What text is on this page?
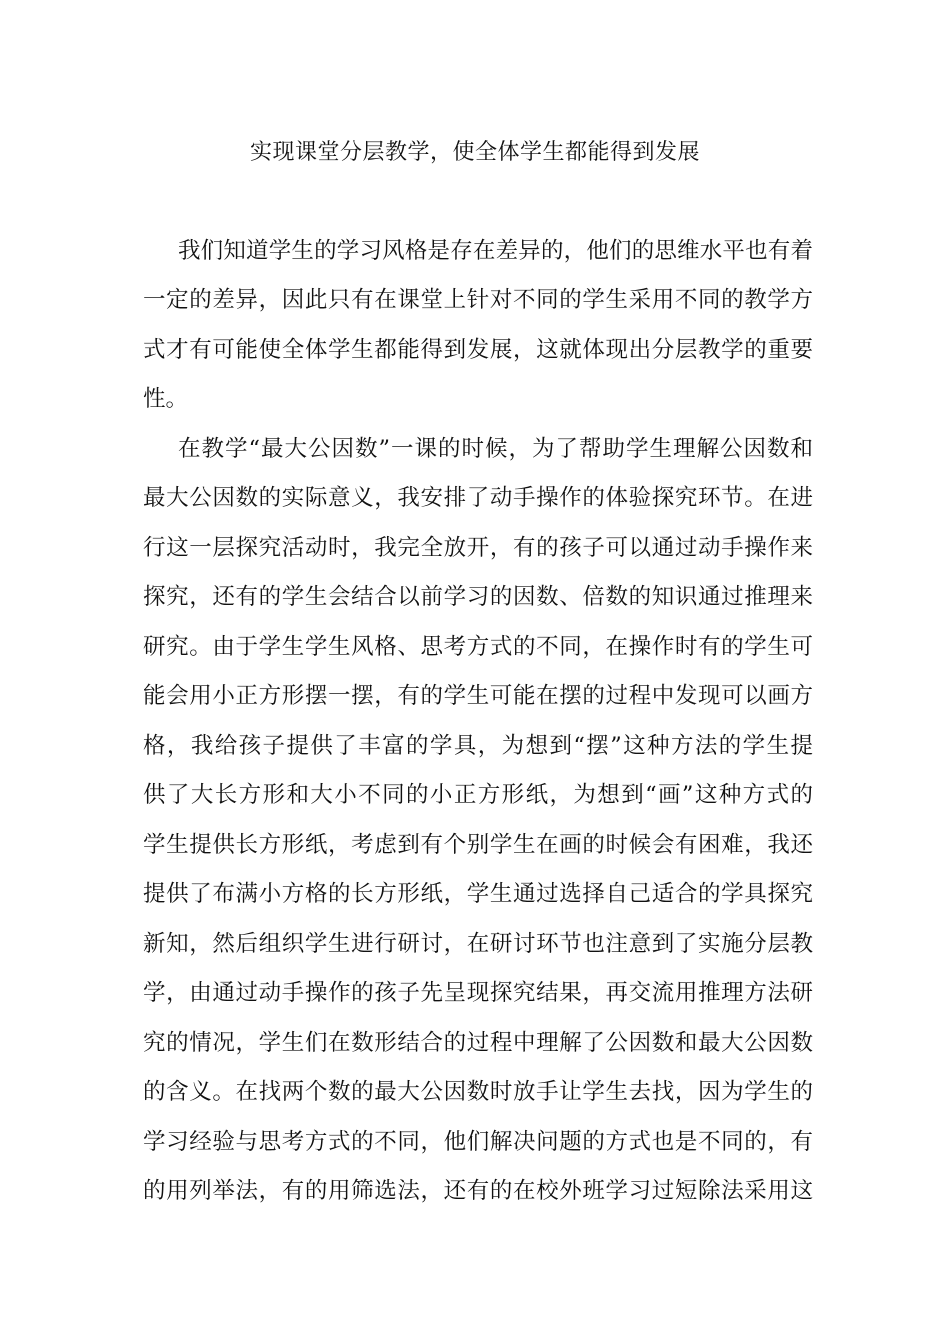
实现课堂分层教学，使全体学生都能得到发展
我们知道学生的学习风格是存在差异的，他们的思维水平也有着
一定的差异，因此只有在课堂上针对不同的学生采用不同的教学方
式才有可能使全体学生都能得到发展，这就体现出分层教学的重要
性。
在教学“最大公因数”一课的时候，为了帮助学生理解公因数和
最大公因数的实际意义，我安排了动手操作的体验探究环节。在进
行这一层探究活动时，我完全放开，有的孩子可以通过动手操作来
探究，还有的学生会结合以前学习的因数、倍数的知识通过推理来
研究。由于学生学生风格、思考方式的不同，在操作时有的学生可
能会用小正方形摆一摆，有的学生可能在摆的过程中发现可以画方
格，我给孩子提供了丰富的学具，为想到“摆”这种方法的学生提
供了大长方形和大小不同的小正方形纸，为想到“画”这种方式的
学生提供长方形纸，考虑到有个别学生在画的时候会有困难，我还
提供了布满小方格的长方形纸，学生通过选择自己适合的学具探究
新知，然后组织学生进行研讨，在研讨环节也注意到了实施分层教
学，由通过动手操作的孩子先呈现探究结果，再交流用推理方法研
究的情况，学生们在数形结合的过程中理解了公因数和最大公因数
的含义。在找两个数的最大公因数时放手让学生去找，因为学生的
学习经验与思考方式的不同，他们解决问题的方式也是不同的，有
的用列举法，有的用筛选法，还有的在校外班学习过短除法采用这
